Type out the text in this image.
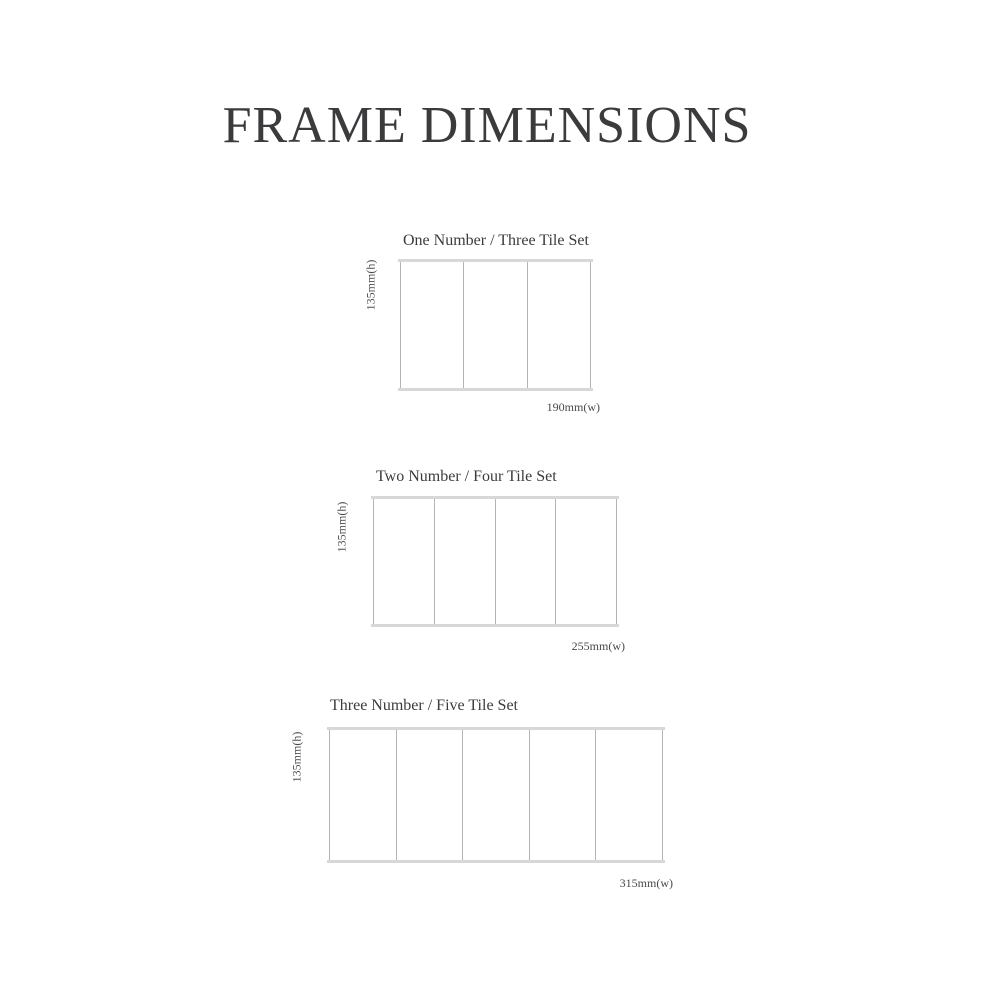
FRAME DIMENSIONS
One Number / Three Tile Set
135mm(h)
190mm(w)
Two Number / Four Tile Set
135mm(h)
255mm(w)
Three Number / Five Tile Set
135mm(h)
315mm(w)
